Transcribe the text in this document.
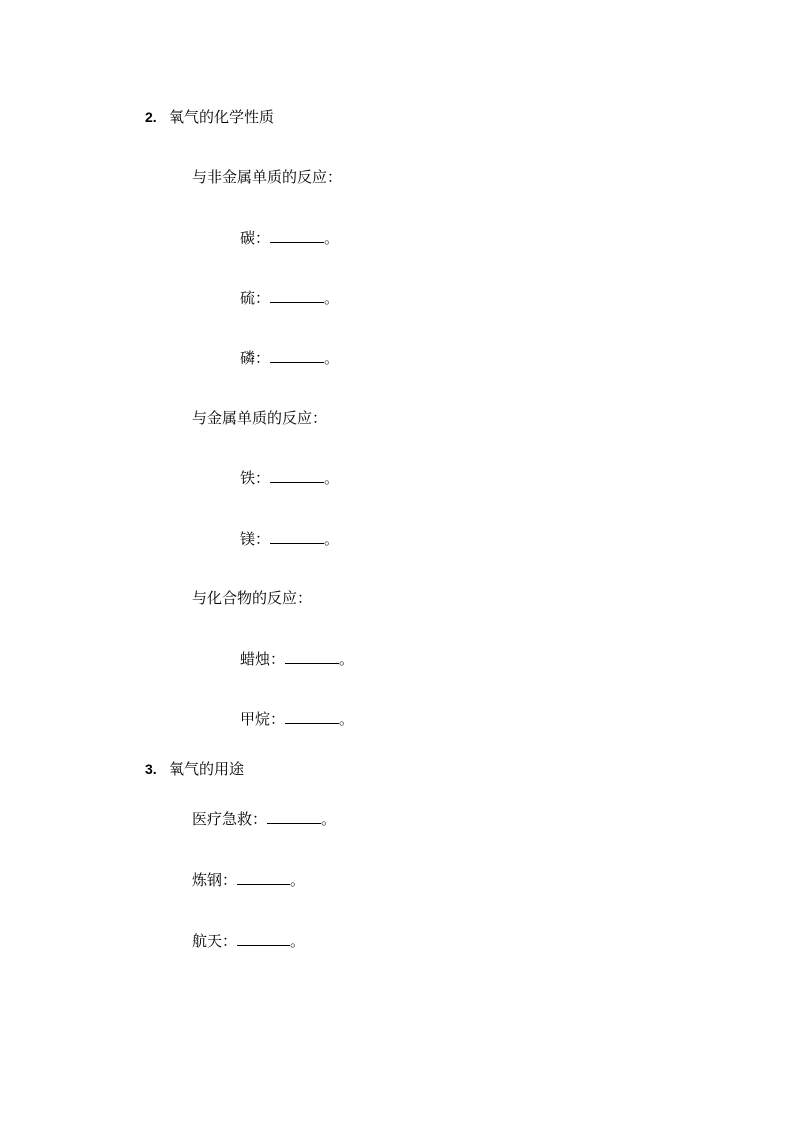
2. 氧气的化学性质
与非金属单质的反应：
碳：	。
硫：	。
磷：	。
与金属单质的反应：
铁：	。
镁：	。
与化合物的反应：
蜡烛：	。
甲烷：	。
3. 氧气的用途
医疗急救：	。
炼钢：	。
航天：	。
